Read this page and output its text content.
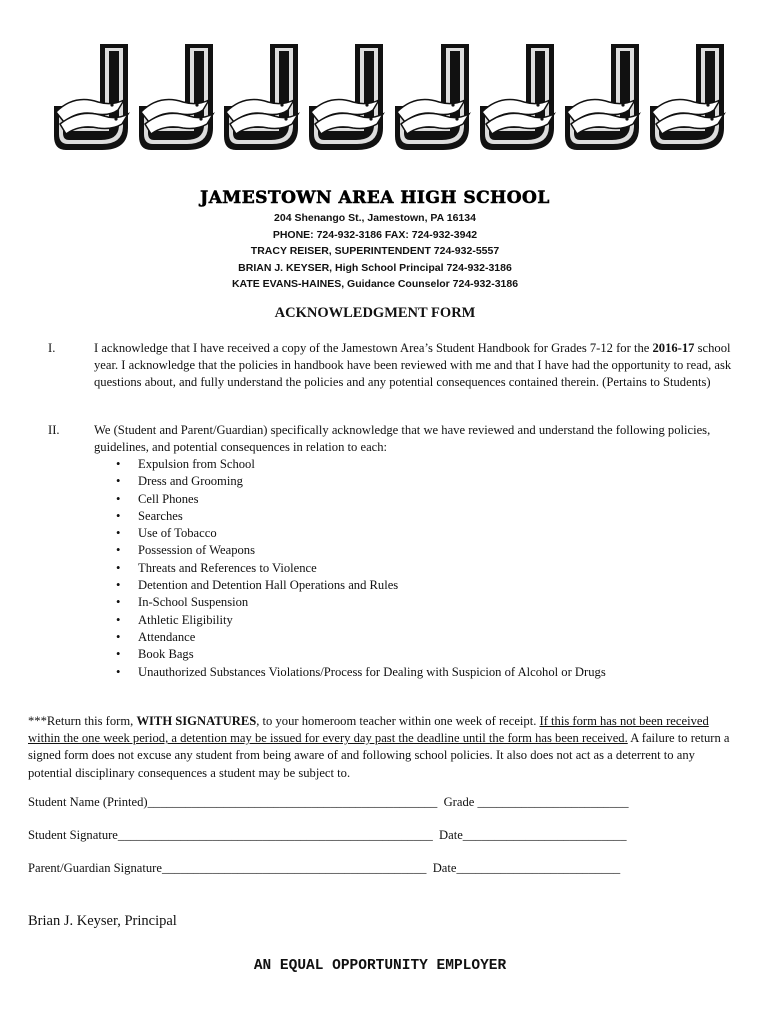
JAMESTOWN AREA HIGH SCHOOL
204 Shenango St., Jamestown, PA 16134
PHONE: 724-932-3186 FAX: 724-932-3942
TRACY REISER, SUPERINTENDENT 724-932-5557
BRIAN J. KEYSER, High School Principal 724-932-3186
KATE EVANS-HAINES, Guidance Counselor 724-932-3186
ACKNOWLEDGMENT FORM
I.	I acknowledge that I have received a copy of the Jamestown Area’s Student Handbook for Grades 7-12 for the 2016-17 school year. I acknowledge that the policies in handbook have been reviewed with me and that I have had the opportunity to read, ask questions about, and fully understand the policies and any potential consequences contained therein. (Pertains to Students)
II.	We (Student and Parent/Guardian) specifically acknowledge that we have reviewed and understand the following policies, guidelines, and potential consequences in relation to each:
• Expulsion from School
• Dress and Grooming
• Cell Phones
• Searches
• Use of Tobacco
• Possession of Weapons
• Threats and References to Violence
• Detention and Detention Hall Operations and Rules
• In-School Suspension
• Athletic Eligibility
• Attendance
• Book Bags
• Unauthorized Substances Violations/Process for Dealing with Suspicion of Alcohol or Drugs
***Return this form, WITH SIGNATURES, to your homeroom teacher within one week of receipt. If this form has not been received within the one week period, a detention may be issued for every day past the deadline until the form has been received. A failure to return a signed form does not excuse any student from being aware of and following school policies. It also does not act as a deterrent to any potential disciplinary consequences a student may be subject to.
Student Name (Printed)______________________________________________  Grade ________________________
Student Signature__________________________________________________  Date__________________________
Parent/Guardian Signature__________________________________________  Date__________________________
Brian J. Keyser, Principal
AN EQUAL OPPORTUNITY EMPLOYER
